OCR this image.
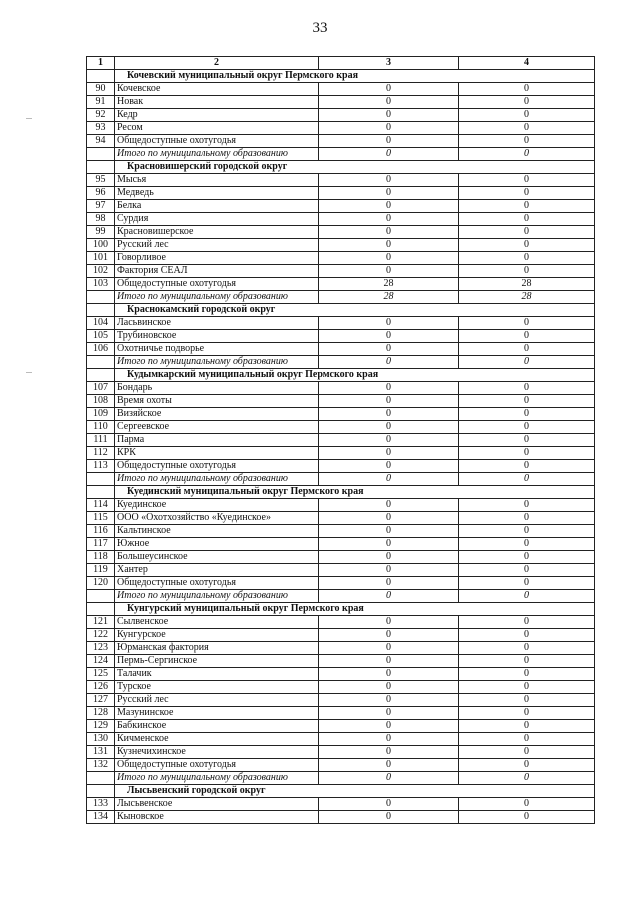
33
1	2	3	4
	Кочевский муниципальный округ Пермского края		
90	Кочевское	0	0
91	Новак	0	0
92	Кедр	0	0
93	Ресом	0	0
94	Общедоступные охотугодья	0	0
	Итого по муниципальному образованию	0	0
	Красновишерский городской округ		
95	Мысья	0	0
96	Медведь	0	0
97	Белка	0	0
98	Сурдия	0	0
99	Красновишерское	0	0
100	Русский лес	0	0
101	Говорливое	0	0
102	Фактория СЕАЛ	0	0
103	Общедоступные охотугодья	28	28
	Итого по муниципальному образованию	28	28
	Краснокамский городской округ		
104	Ласьвинское	0	0
105	Трубиновское	0	0
106	Охотничье подворье	0	0
	Итого по муниципальному образованию	0	0
	Кудымкарский муниципальный округ Пермского края		
107	Бондарь	0	0
108	Время охоты	0	0
109	Визяйское	0	0
110	Сергеевское	0	0
111	Парма	0	0
112	КРК	0	0
113	Общедоступные охотугодья	0	0
	Итого по муниципальному образованию	0	0
	Куединский муниципальный округ Пермского края		
114	Куединское	0	0
115	ООО «Охотхозяйство «Куединское»	0	0
116	Кальтинское	0	0
117	Южное	0	0
118	Большеусинское	0	0
119	Хантер	0	0
120	Общедоступные охотугодья	0	0
	Итого по муниципальному образованию	0	0
	Кунгурский муниципальный округ Пермского края		
121	Сылвенское	0	0
122	Кунгурское	0	0
123	Юрманская фактория	0	0
124	Пермь-Сергинское	0	0
125	Талачик	0	0
126	Турское	0	0
127	Русский лес	0	0
128	Мазунинское	0	0
129	Бабкинское	0	0
130	Кичменское	0	0
131	Кузнечихинское	0	0
132	Общедоступные охотугодья	0	0
	Итого по муниципальному образованию	0	0
	Лысьвенский городской округ		
133	Лысьвенское	0	0
134	Кыновское	0	0
